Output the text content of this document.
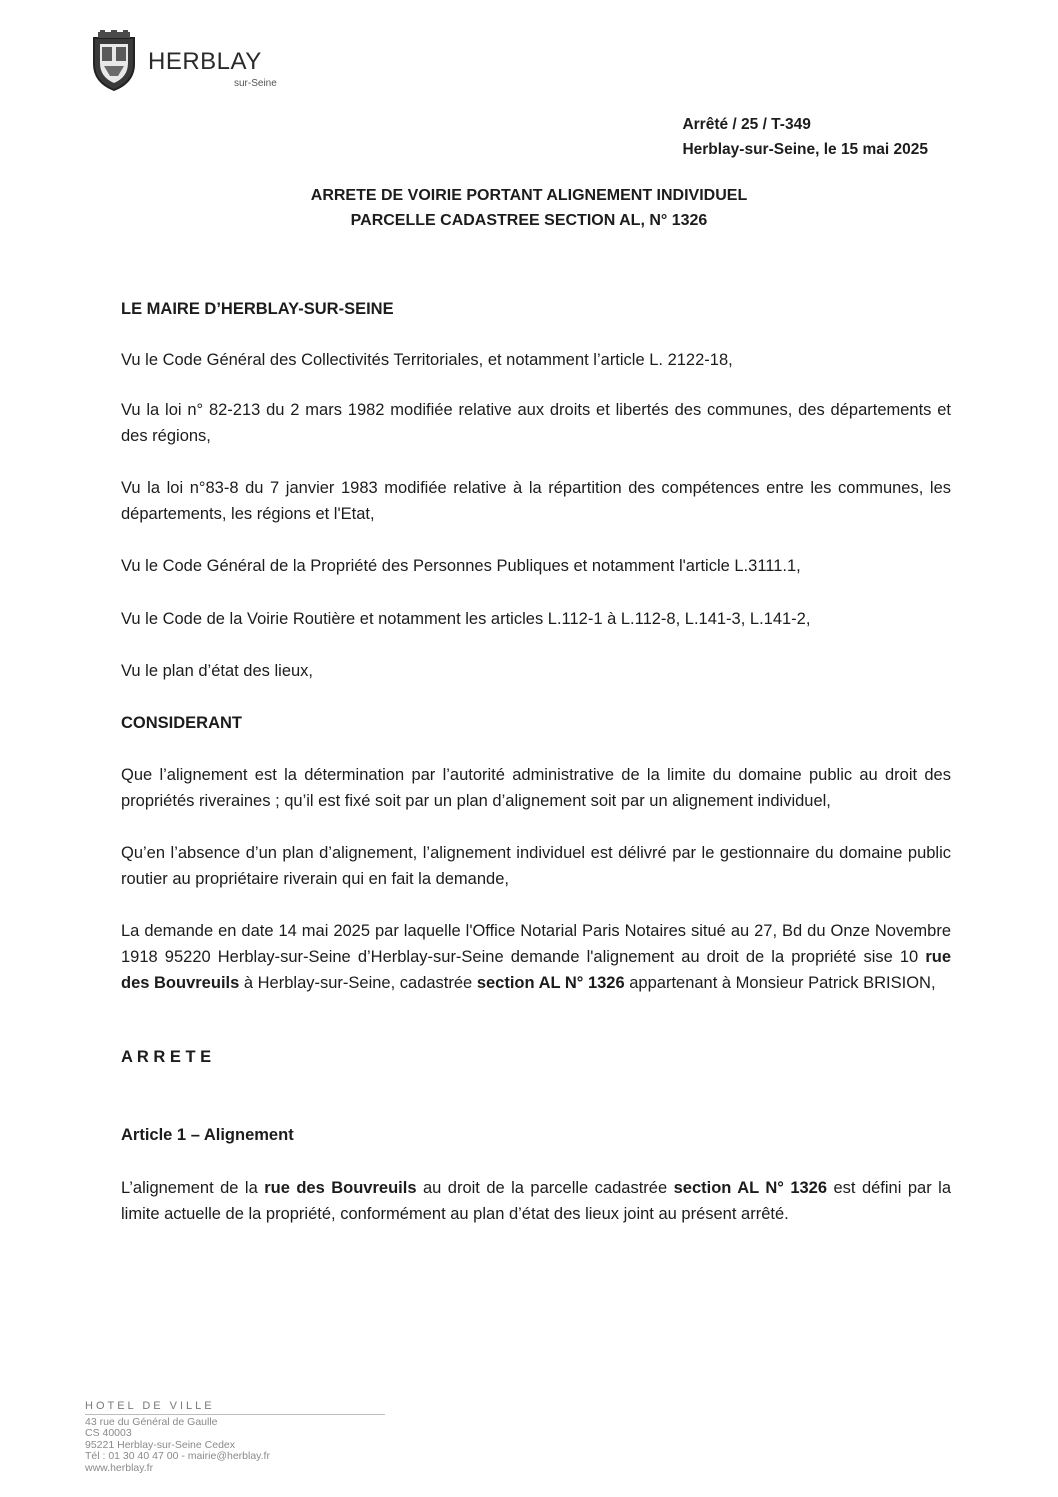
HERBLAY
sur-Seine
Arrêté / 25 / T-349
Herblay-sur-Seine, le 15 mai 2025
ARRETE DE VOIRIE PORTANT ALIGNEMENT INDIVIDUEL
PARCELLE CADASTREE SECTION AL, N° 1326

LE MAIRE D’HERBLAY-SUR-SEINE

Vu le Code Général des Collectivités Territoriales, et notamment l’article L. 2122-18,

Vu la loi n° 82-213 du 2 mars 1982 modifiée relative aux droits et libertés des communes, des départements et des régions,

Vu la loi n°83-8 du 7 janvier 1983 modifiée relative à la répartition des compétences entre les communes, les départements, les régions et l'Etat,

Vu le Code Général de la Propriété des Personnes Publiques et notamment l'article L.3111.1,

Vu le Code de la Voirie Routière et notamment les articles L.112-1 à L.112-8, L.141-3, L.141-2,

Vu le plan d’état des lieux,

CONSIDERANT

Que l’alignement est la détermination par l’autorité administrative de la limite du domaine public au droit des propriétés riveraines ; qu’il est fixé soit par un plan d’alignement soit par un alignement individuel,

Qu’en l’absence d’un plan d’alignement, l’alignement individuel est délivré par le gestionnaire du domaine public routier au propriétaire riverain qui en fait la demande,

La demande en date 14 mai 2025 par laquelle l'Office Notarial Paris Notaires situé au 27, Bd du Onze Novembre 1918 95220 Herblay-sur-Seine d’Herblay-sur-Seine demande l'alignement au droit de la propriété sise 10 rue des Bouvreuils à Herblay-sur-Seine, cadastrée section AL N° 1326 appartenant à Monsieur Patrick BRISION,

A R R E T E

Article 1 – Alignement

L’alignement de la rue des Bouvreuils au droit de la parcelle cadastrée section AL N° 1326 est défini par la limite actuelle de la propriété, conformément au plan d’état des lieux joint au présent arrêté.

HOTEL DE VILLE
43 rue du Général de Gaulle
CS 40003
95221 Herblay-sur-Seine Cedex
Tél : 01 30 40 47 00 - mairie@herblay.fr
www.herblay.fr
